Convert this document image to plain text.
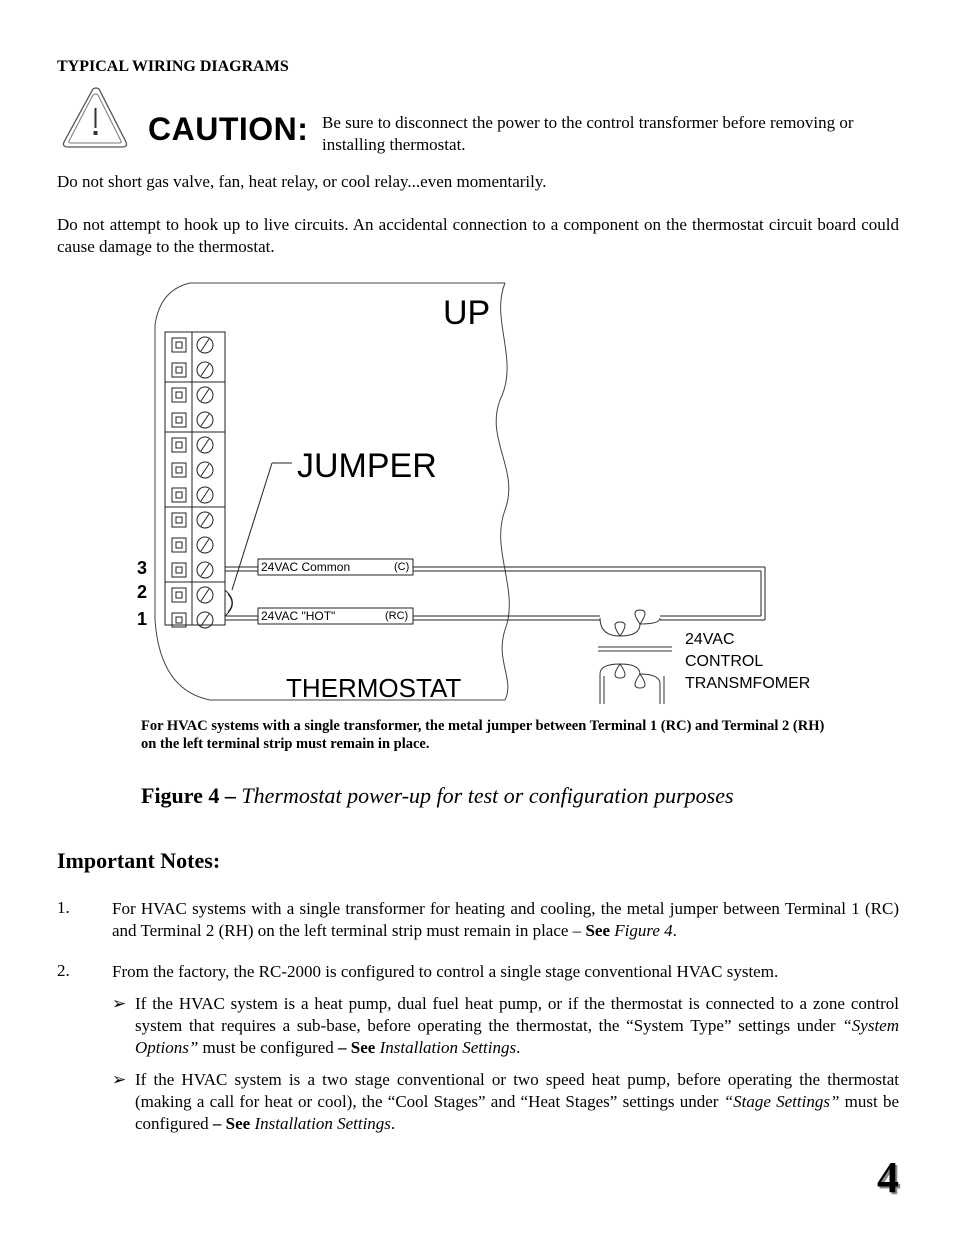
TYPICAL WIRING DIAGRAMS
CAUTION: Be sure to disconnect the power to the control transformer before removing or installing thermostat.
Do not short gas valve, fan, heat relay, or cool relay...even momentarily.
Do not attempt to hook up to live circuits. An accidental connection to a component on the thermostat circuit board could cause damage to the thermostat.
UP
JUMPER
THERMOSTAT
3
2
1
24VAC Common	(C)
24VAC "HOT"	(RC)
24VAC
CONTROL
TRANSMFOMER
For HVAC systems with a single transformer, the metal jumper between Terminal 1 (RC) and Terminal 2 (RH) on the left terminal strip must remain in place.
Figure 4 – Thermostat power-up for test or configuration purposes
Important Notes:
1. For HVAC systems with a single transformer for heating and cooling, the metal jumper between Terminal 1 (RC) and Terminal 2 (RH) on the left terminal strip must remain in place – See Figure 4.
2. From the factory, the RC-2000 is configured to control a single stage conventional HVAC system.
➢ If the HVAC system is a heat pump, dual fuel heat pump, or if the thermostat is connected to a zone control system that requires a sub-base, before operating the thermostat, the “System Type” settings under “System Options” must be configured – See Installation Settings.
➢ If the HVAC system is a two stage conventional or two speed heat pump, before operating the thermostat (making a call for heat or cool), the “Cool Stages” and “Heat Stages” settings under “Stage Settings” must be configured – See Installation Settings.
4
